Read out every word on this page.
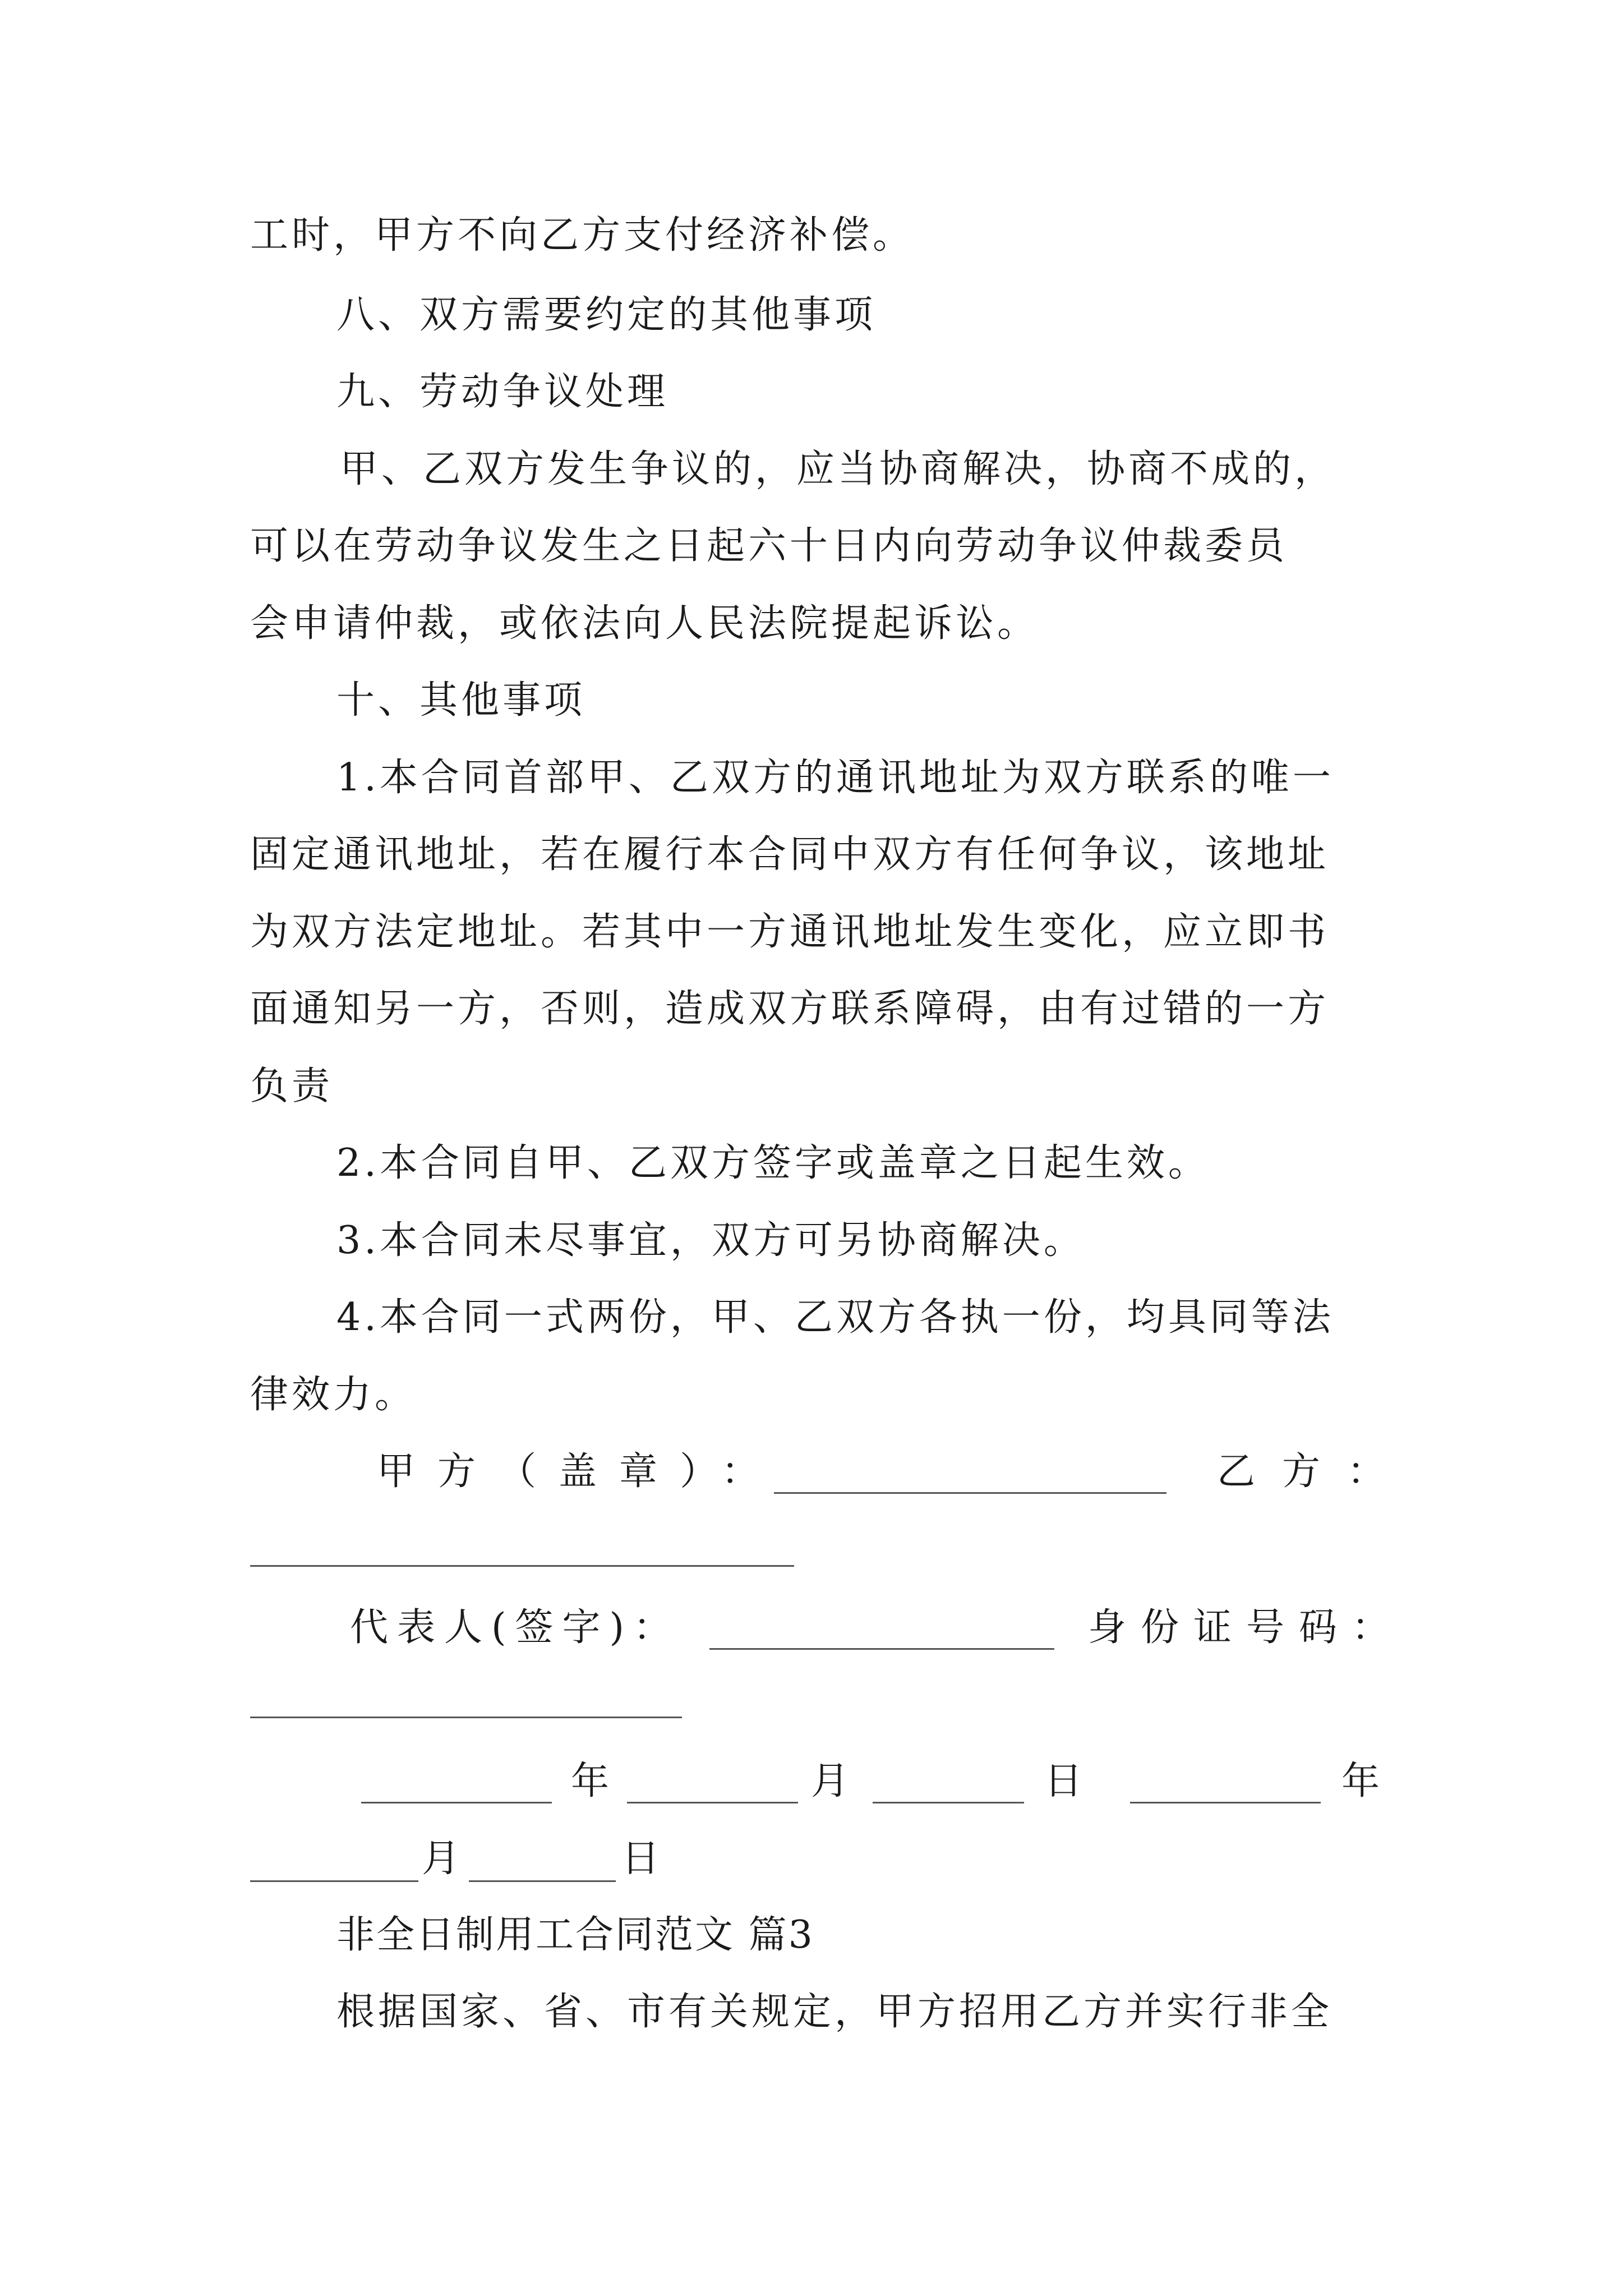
工时，甲方不向乙方支付经济补偿。
八、双方需要约定的其他事项
九、劳动争议处理
甲、乙双方发生争议的，应当协商解决，协商不成的，
可以在劳动争议发生之日起六十日内向劳动争议仲裁委员
会申请仲裁，或依法向人民法院提起诉讼。
十、其他事项
1.本合同首部甲、乙双方的通讯地址为双方联系的唯一
固定通讯地址，若在履行本合同中双方有任何争议，该地址
为双方法定地址。若其中一方通讯地址发生变化，应立即书
面通知另一方，否则，造成双方联系障碍，由有过错的一方
负责
2.本合同自甲、乙双方签字或盖章之日起生效。
3.本合同未尽事宜，双方可另协商解决。
4.本合同一式两份，甲、乙双方各执一份，均具同等法
律效力。
甲方（盖章）：	乙方：
代表人(签字)：	身份证号码：
年	月	日	年
月	日
非全日制用工合同范文 篇3
根据国家、省、市有关规定，甲方招用乙方并实行非全
